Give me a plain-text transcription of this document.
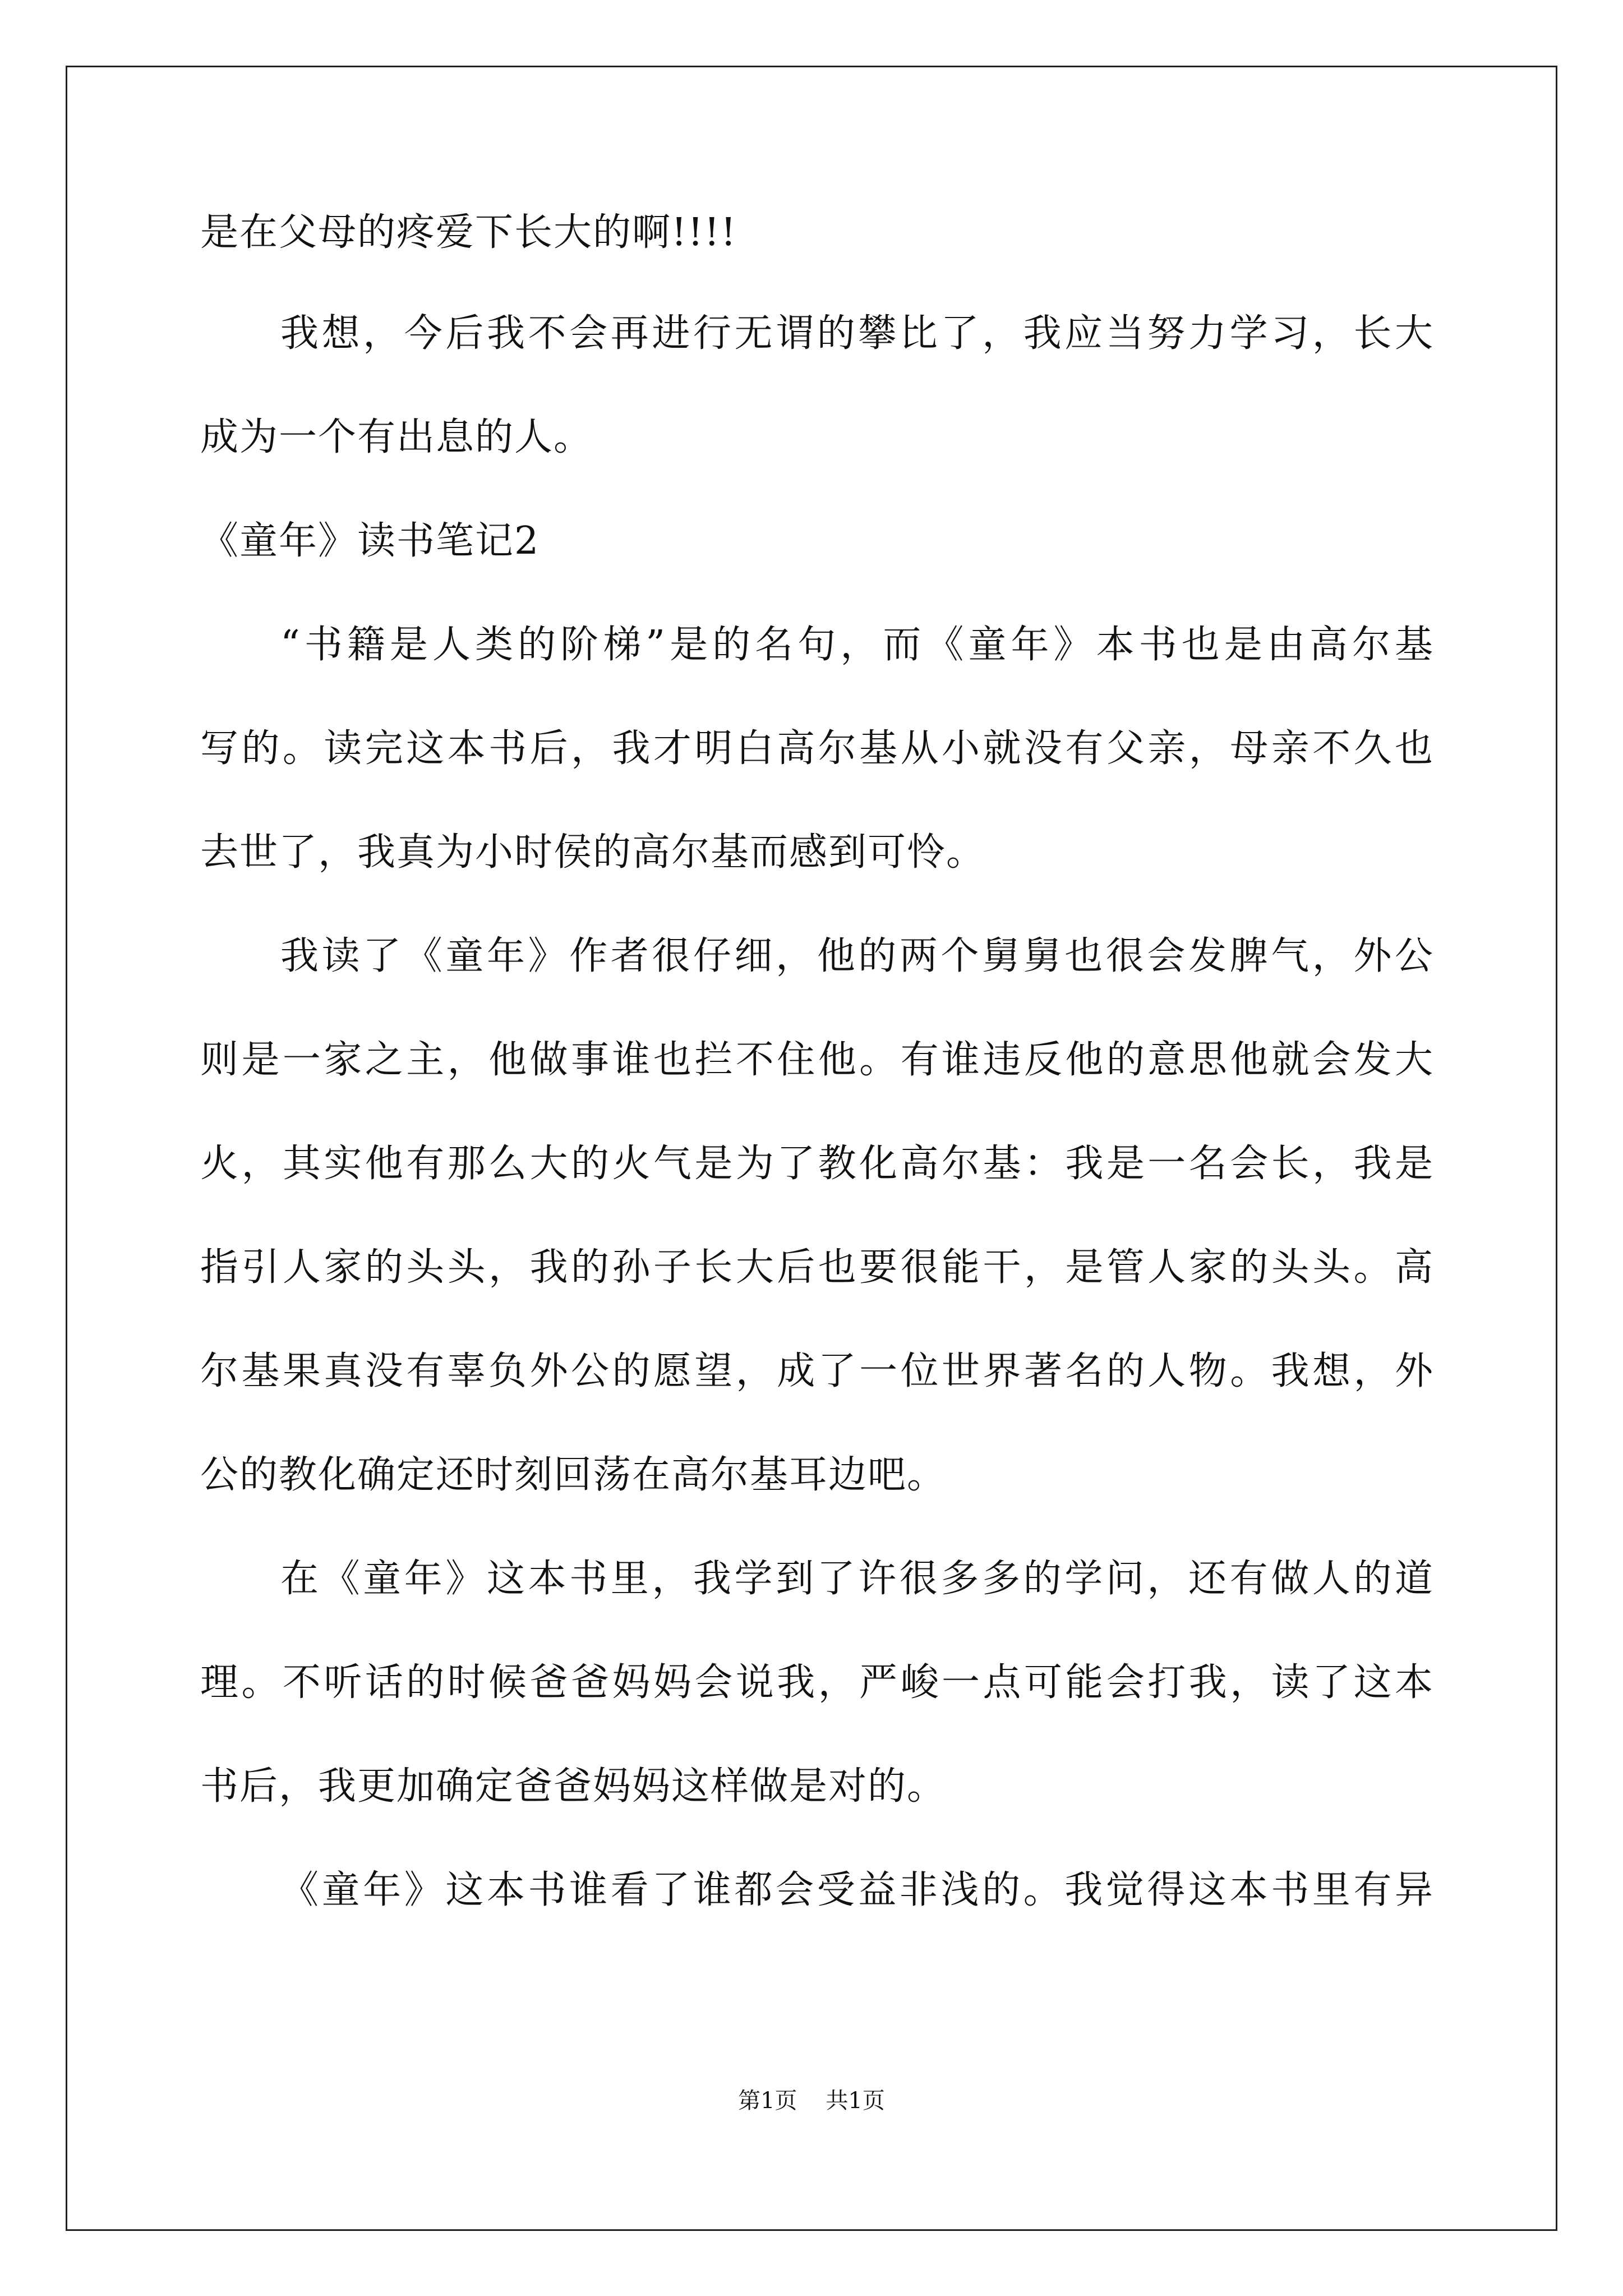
是在父母的疼爱下长大的啊!!!!
我想，今后我不会再进行无谓的攀比了，我应当努力学习，长大
成为一个有出息的人。
《童年》读书笔记2
“书籍是人类的阶梯”是的名句，而《童年》本书也是由高尔基
写的。读完这本书后，我才明白高尔基从小就没有父亲，母亲不久也
去世了，我真为小时侯的高尔基而感到可怜。
我读了《童年》作者很仔细，他的两个舅舅也很会发脾气，外公
则是一家之主，他做事谁也拦不住他。有谁违反他的意思他就会发大
火，其实他有那么大的火气是为了教化高尔基：我是一名会长，我是
指引人家的头头，我的孙子长大后也要很能干，是管人家的头头。高
尔基果真没有辜负外公的愿望，成了一位世界著名的人物。我想，外
公的教化确定还时刻回荡在高尔基耳边吧。
在《童年》这本书里，我学到了许很多多的学问，还有做人的道
理。不听话的时候爸爸妈妈会说我，严峻一点可能会打我，读了这本
书后，我更加确定爸爸妈妈这样做是对的。
《童年》这本书谁看了谁都会受益非浅的。我觉得这本书里有异
第1页 共1页
